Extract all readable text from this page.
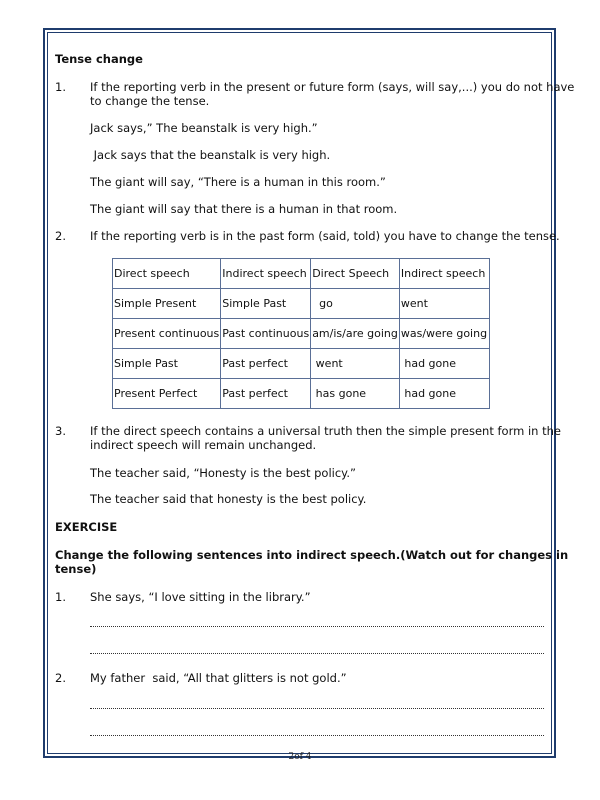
Tense change
1. If the reporting verb in the present or future form (says, will say,...) you do not have
to change the tense.
Jack says,” The beanstalk is very high.”
Jack says that the beanstalk is very high.
The giant will say, “There is a human in this room.”
The giant will say that there is a human in that room.
2. If the reporting verb is in the past form (said, told) you have to change the tense.
Direct speech	Indirect speech	Direct Speech	Indirect speech
Simple Present	Simple Past	go	went
Present continuous	Past continuous	am/is/are going	was/were going
Simple Past	Past perfect	went	had gone
Present Perfect	Past perfect	has gone	had gone
3. If the direct speech contains a universal truth then the simple present form in the
indirect speech will remain unchanged.
The teacher said, “Honesty is the best policy.”
The teacher said that honesty is the best policy.
EXERCISE
Change the following sentences into indirect speech.(Watch out for changes in
tense)
1. She says, “I love sitting in the library.”
2. My father  said, “All that glitters is not gold.”
2of 4
